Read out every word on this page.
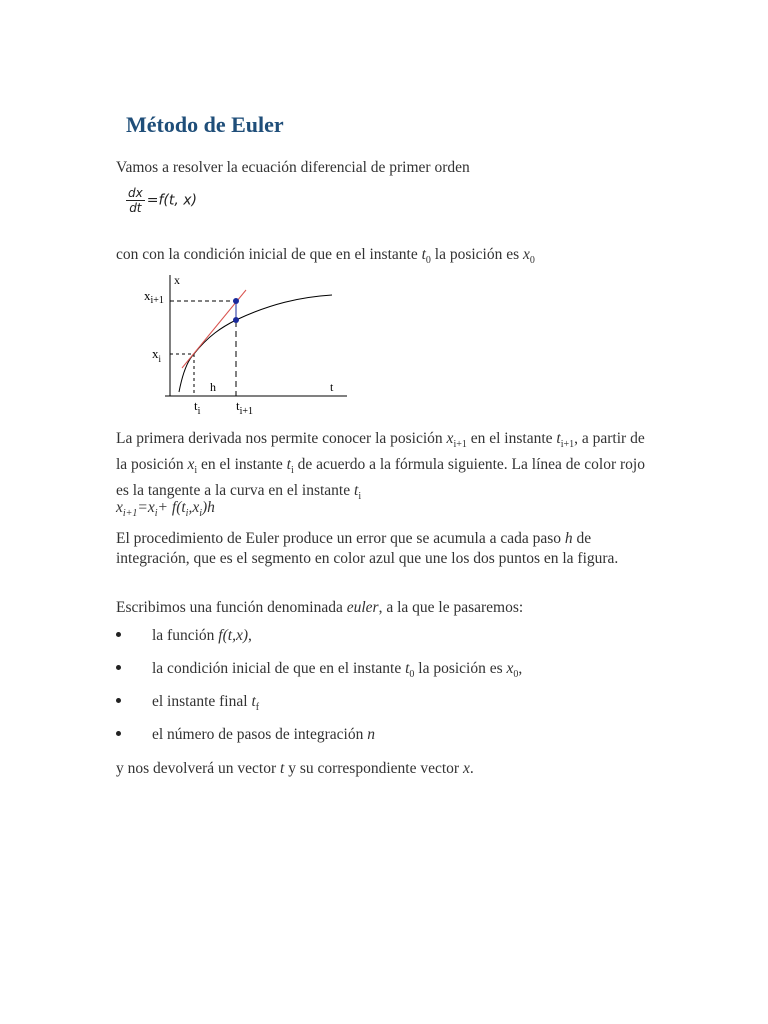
Método de Euler

Vamos a resolver la ecuación diferencial de primer orden

$\frac{dx}{dt} =f(t$, x)

con con la condición inicial de que en el instante $t_0$ la posición es $x_0$

x
t
$x_{i+1}$
$x_i$
h
$t_i$	$t_{i+1}$

La primera derivada nos permite conocer la posición $x_{i+1}$ en el instante $t_{i+1}$, a partir de la posición $x_i$ en el instante $t_i$ de acuerdo a la fórmula siguiente. La línea de color rojo es la tangente a la curva en el instante $t_i$

$x_{i+1}=x_i+ f(t_i,x_i)h$

El procedimiento de Euler produce un error que se acumula a cada paso h de integración, que es el segmento en color azul que une los dos puntos en la figura.

Escribimos una función denominada euler, a la que le pasaremos:

la función f(t,x),
la condición inicial de que en el instante $t_0$ la posición es $x_0$,
el instante final $t_f$
el número de pasos de integración n

y nos devolverá un vector t y su correspondiente vector x.
